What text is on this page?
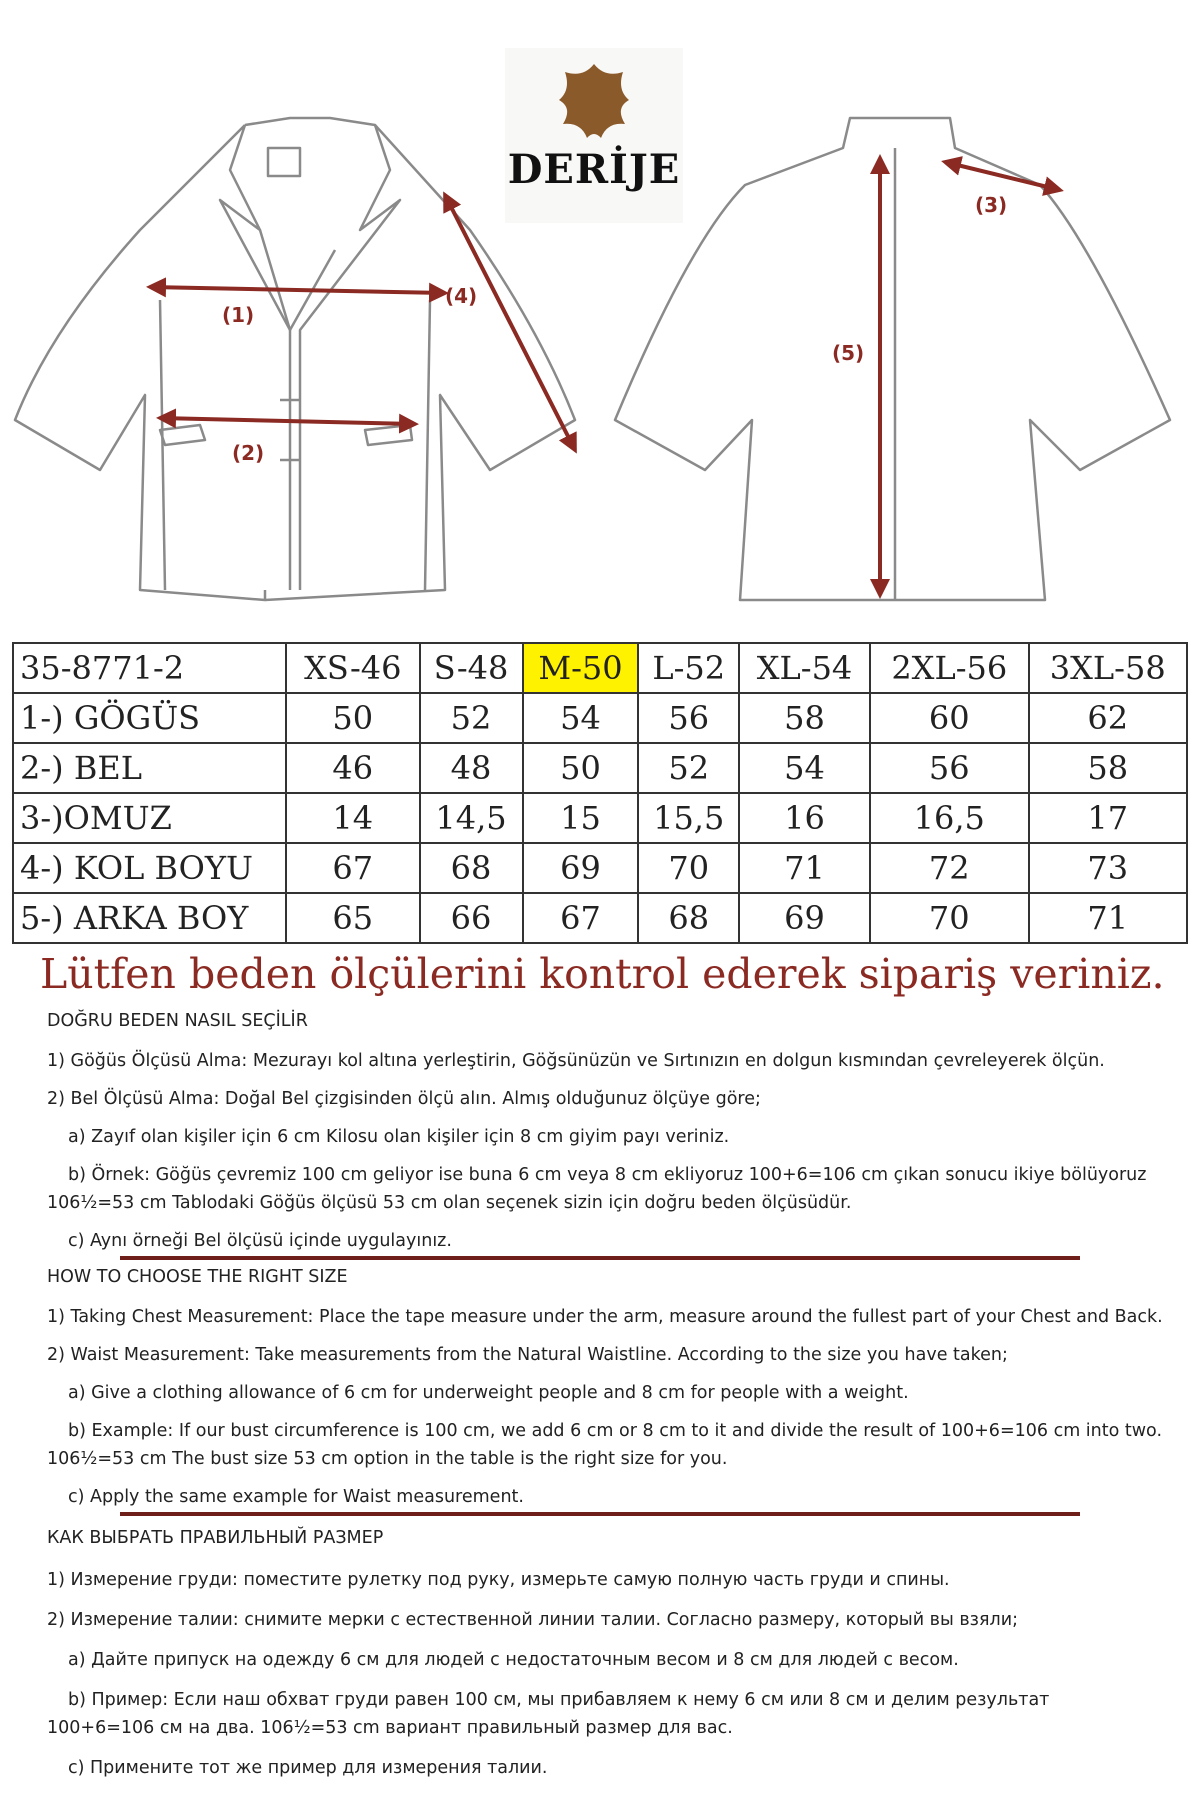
(1)
(2)
(3)
(4)
(5)
DERİJE
35-8771-2	XS-46	S-48	M-50	L-52	XL-54	2XL-56	3XL-58
1-) GÖGÜS	50	52	54	56	58	60	62
2-) BEL	46	48	50	52	54	56	58
3-)OMUZ	14	14,5	15	15,5	16	16,5	17
4-) KOL BOYU	67	68	69	70	71	72	73
5-) ARKA BOY	65	66	67	68	69	70	71
Lütfen beden ölçülerini kontrol ederek sipariş veriniz.
DOĞRU BEDEN NASIL SEÇİLİR
1) Göğüs Ölçüsü Alma: Mezurayı kol altına yerleştirin, Göğsünüzün ve Sırtınızın en dolgun kısmından çevreleyerek ölçün.
2) Bel Ölçüsü Alma: Doğal Bel çizgisinden ölçü alın. Almış olduğunuz ölçüye göre;
a) Zayıf olan kişiler için 6 cm Kilosu olan kişiler için 8 cm giyim payı veriniz.
b) Örnek: Göğüs çevremiz 100 cm geliyor ise buna 6 cm veya 8 cm ekliyoruz 100+6=106 cm çıkan sonucu ikiye bölüyoruz
106½=53 cm Tablodaki Göğüs ölçüsü 53 cm olan seçenek sizin için doğru beden ölçüsüdür.
c) Aynı örneği Bel ölçüsü içinde uygulayınız.
HOW TO CHOOSE THE RIGHT SIZE
1) Taking Chest Measurement: Place the tape measure under the arm, measure around the fullest part of your Chest and Back.
2) Waist Measurement: Take measurements from the Natural Waistline. According to the size you have taken;
a) Give a clothing allowance of 6 cm for underweight people and 8 cm for people with a weight.
b) Example: If our bust circumference is 100 cm, we add 6 cm or 8 cm to it and divide the result of 100+6=106 cm into two.
106½=53 cm The bust size 53 cm option in the table is the right size for you.
c) Apply the same example for Waist measurement.
КАК ВЫБРАТЬ ПРАВИЛЬНЫЙ РАЗМЕР
1) Измерение груди: поместите рулетку под руку, измерьте самую полную часть груди и спины.
2) Измерение талии: снимите мерки с естественной линии талии. Согласно размеру, который вы взяли;
a) Дайте припуск на одежду 6 см для людей с недостаточным весом и 8 см для людей с весом.
b) Пример: Если наш обхват груди равен 100 см, мы прибавляем к нему 6 см или 8 см и делим результат
100+6=106 см на два. 106½=53 cm вариант правильный размер для вас.
c) Примените тот же пример для измерения талии.
